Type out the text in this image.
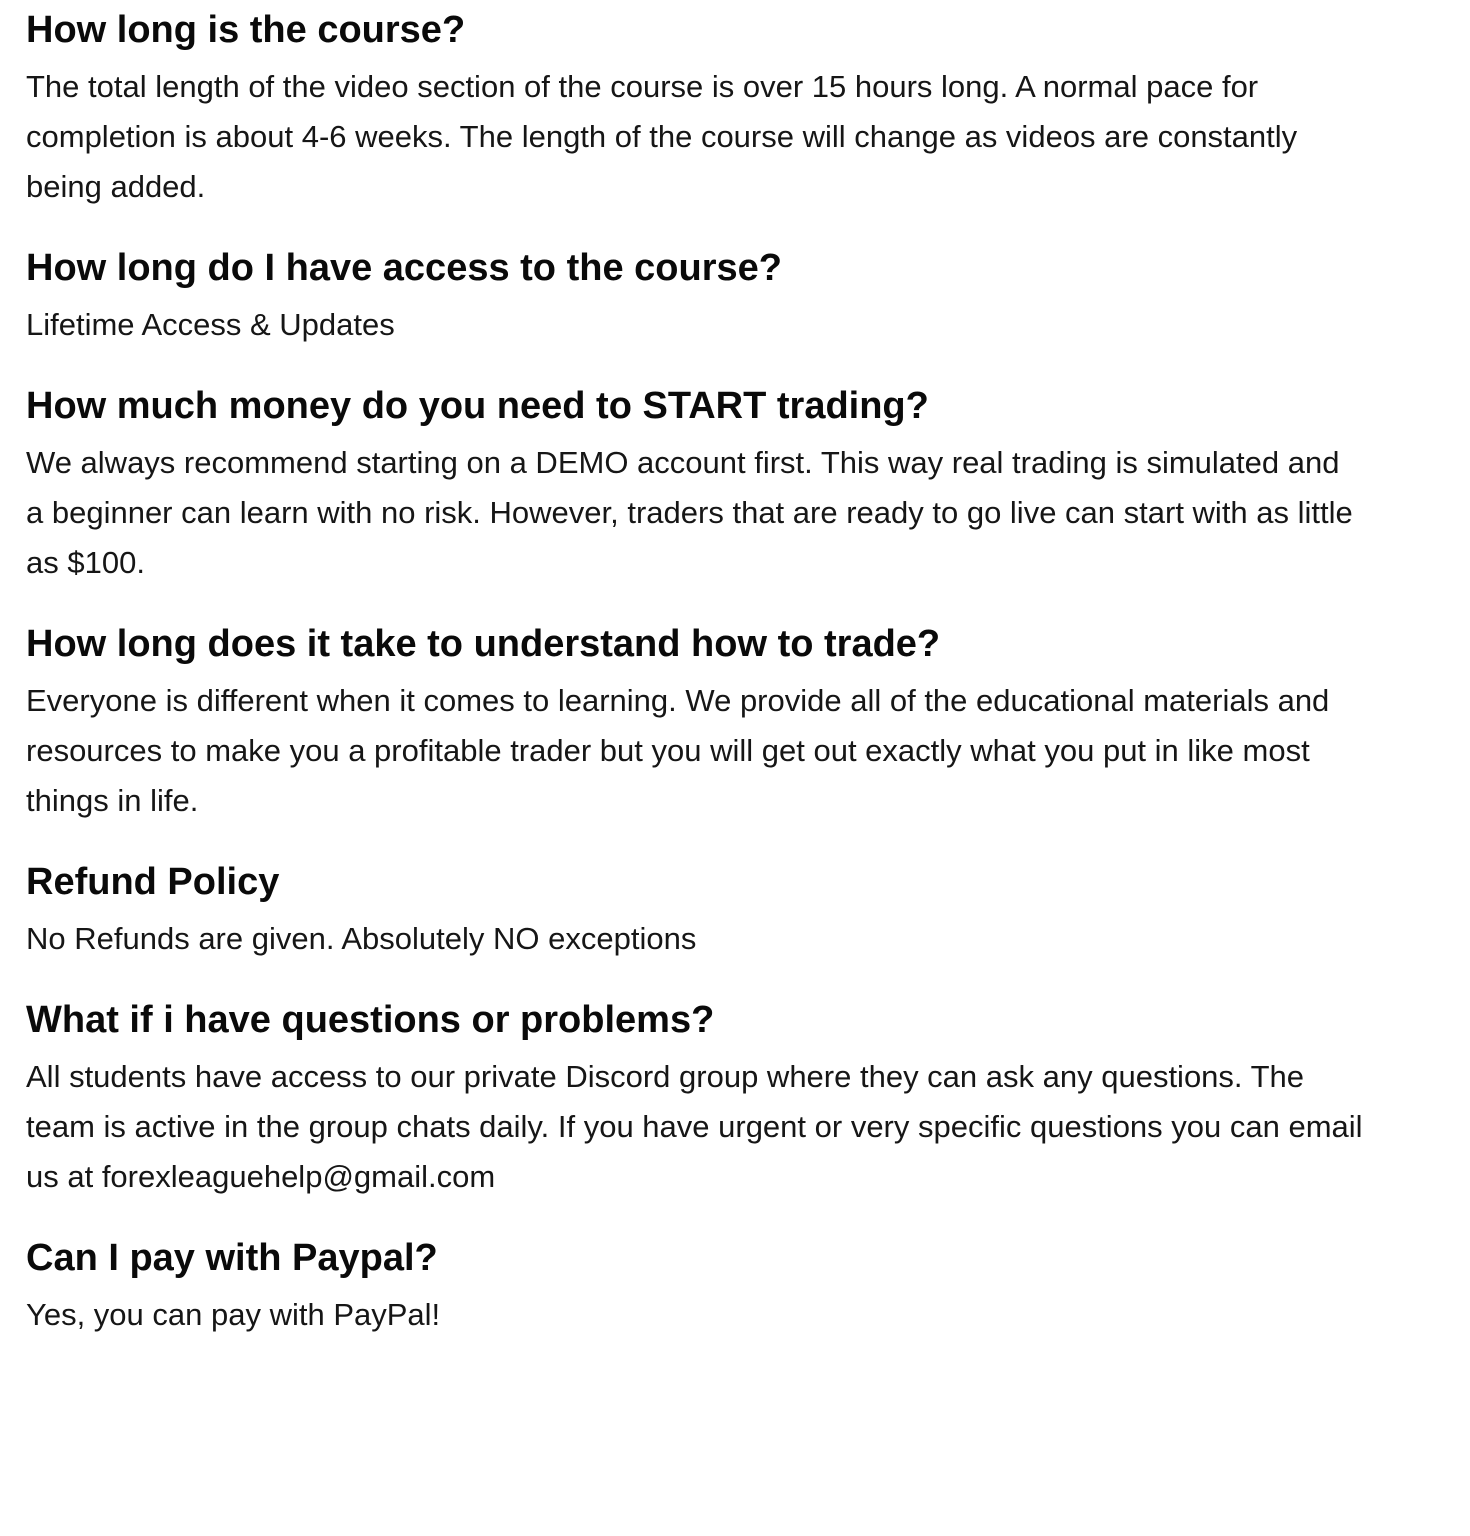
How long is the course?

The total length of the video section of the course is over 15 hours long. A normal pace for completion is about 4-6 weeks. The length of the course will change as videos are constantly being added.

How long do I have access to the course?

Lifetime Access & Updates

How much money do you need to START trading?

We always recommend starting on a DEMO account first. This way real trading is simulated and a beginner can learn with no risk. However, traders that are ready to go live can start with as little as $100.

How long does it take to understand how to trade?

Everyone is different when it comes to learning. We provide all of the educational materials and resources to make you a profitable trader but you will get out exactly what you put in like most things in life.

Refund Policy

No Refunds are given. Absolutely NO exceptions

What if i have questions or problems?

All students have access to our private Discord group where they can ask any questions. The team is active in the group chats daily. If you have urgent or very specific questions you can email us at forexleaguehelp@gmail.com

Can I pay with Paypal?

Yes, you can pay with PayPal!
